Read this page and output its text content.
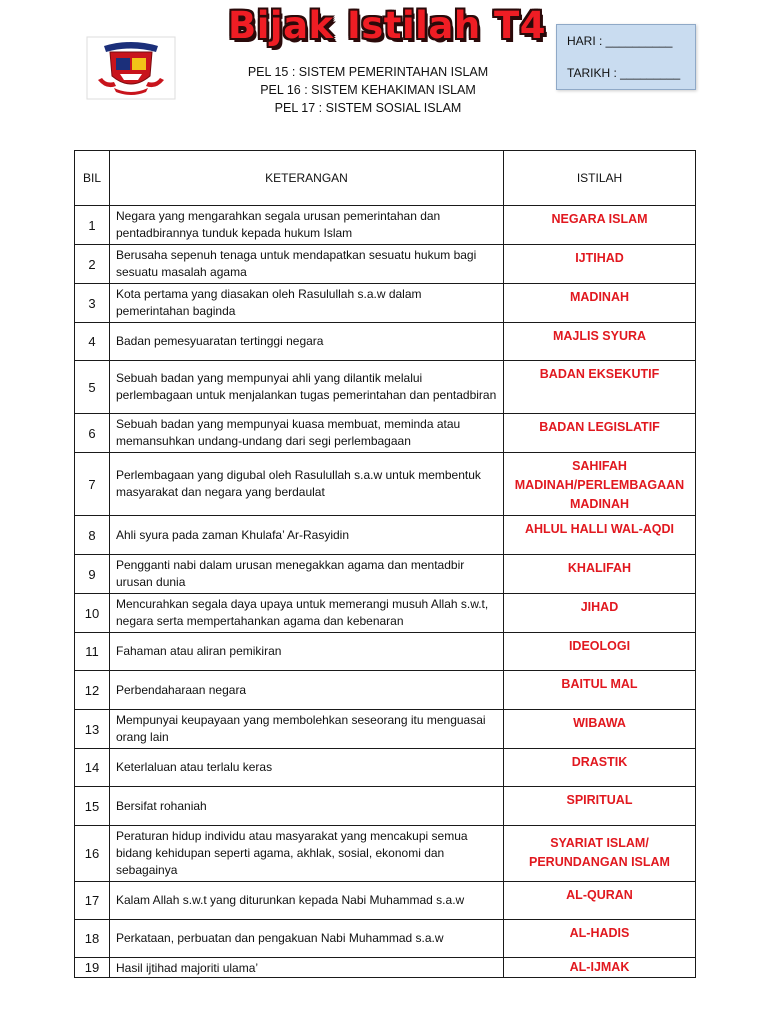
Bijak Istilah T4 HARI : __________
TARIKH : _________
PEL 15 : SISTEM PEMERINTAHAN ISLAM
PEL 16 : SISTEM KEHAKIMAN ISLAM
PEL 17 : SISTEM SOSIAL ISLAM
BIL	KETERANGAN	ISTILAH
1	Negara yang mengarahkan segala urusan pemerintahan dan pentadbirannya tunduk kepada hukum Islam	NEGARA ISLAM
2	Berusaha sepenuh tenaga untuk mendapatkan sesuatu hukum bagi sesuatu masalah agama	IJTIHAD
3	Kota pertama yang diasakan oleh Rasulullah s.a.w dalam pemerintahan baginda	MADINAH
4	Badan pemesyuaratan tertinggi negara	MAJLIS SYURA
5	Sebuah badan yang mempunyai ahli yang dilantik melalui perlembagaan untuk menjalankan tugas pemerintahan dan pentadbiran	BADAN EKSEKUTIF
6	Sebuah badan yang mempunyai kuasa membuat, meminda atau memansuhkan undang-undang dari segi perlembagaan	BADAN LEGISLATIF
7	Perlembagaan yang digubal oleh Rasulullah s.a.w untuk membentuk masyarakat dan negara yang berdaulat	SAHIFAH MADINAH/PERLEMBAGAAN MADINAH
8	Ahli syura pada zaman Khulafa’ Ar-Rasyidin	AHLUL HALLI WAL-AQDI
9	Pengganti nabi dalam urusan menegakkan agama dan mentadbir urusan dunia	KHALIFAH
10	Mencurahkan segala daya upaya untuk memerangi musuh Allah s.w.t, negara serta mempertahankan agama dan kebenaran	JIHAD
11	Fahaman atau aliran pemikiran	IDEOLOGI
12	Perbendaharaan negara	BAITUL MAL
13	Mempunyai keupayaan yang membolehkan seseorang itu menguasai orang lain	WIBAWA
14	Keterlaluan atau terlalu keras	DRASTIK
15	Bersifat rohaniah	SPIRITUAL
16	Peraturan hidup individu atau masyarakat yang mencakupi semua bidang kehidupan seperti agama, akhlak, sosial, ekonomi dan sebagainya	SYARIAT ISLAM/ PERUNDANGAN ISLAM
17	Kalam Allah s.w.t yang diturunkan kepada Nabi Muhammad s.a.w	AL-QURAN
18	Perkataan, perbuatan dan pengakuan Nabi Muhammad s.a.w	AL-HADIS
19	Hasil ijtihad majoriti ulama’	AL-IJMAK
